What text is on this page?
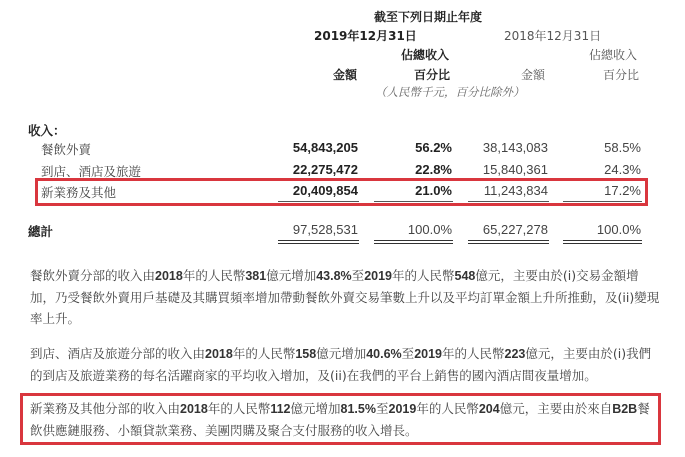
截至下列日期止年度
2019年12月31日	2018年12月31日
佔總收入	佔總收入
金額	百分比	金額	百分比
（人民幣千元，百分比除外）
收入：
餐飲外賣	54,843,205	56.2%	38,143,083	58.5%
到店、酒店及旅遊	22,275,472	22.8%	15,840,361	24.3%
新業務及其他	20,409,854	21.0%	11,243,834	17.2%
總計	97,528,531	100.0%	65,227,278	100.0%
餐飲外賣分部的收入由2018年的人民幣381億元增加43.8%至2019年的人民幣548億元，主要由於(i)交易金額增加，乃受餐飲外賣用戶基礎及其購買頻率增加帶動餐飲外賣交易筆數上升以及平均訂單金額上升所推動，及(ii)變現率上升。
到店、酒店及旅遊分部的收入由2018年的人民幣158億元增加40.6%至2019年的人民幣223億元，主要由於(i)我們的到店及旅遊業務的每名活躍商家的平均收入增加，及(ii)在我們的平台上銷售的國內酒店間夜量增加。
新業務及其他分部的收入由2018年的人民幣112億元增加81.5%至2019年的人民幣204億元，主要由於來自B2B餐飲供應鏈服務、小額貸款業務、美團閃購及聚合支付服務的收入增長。
